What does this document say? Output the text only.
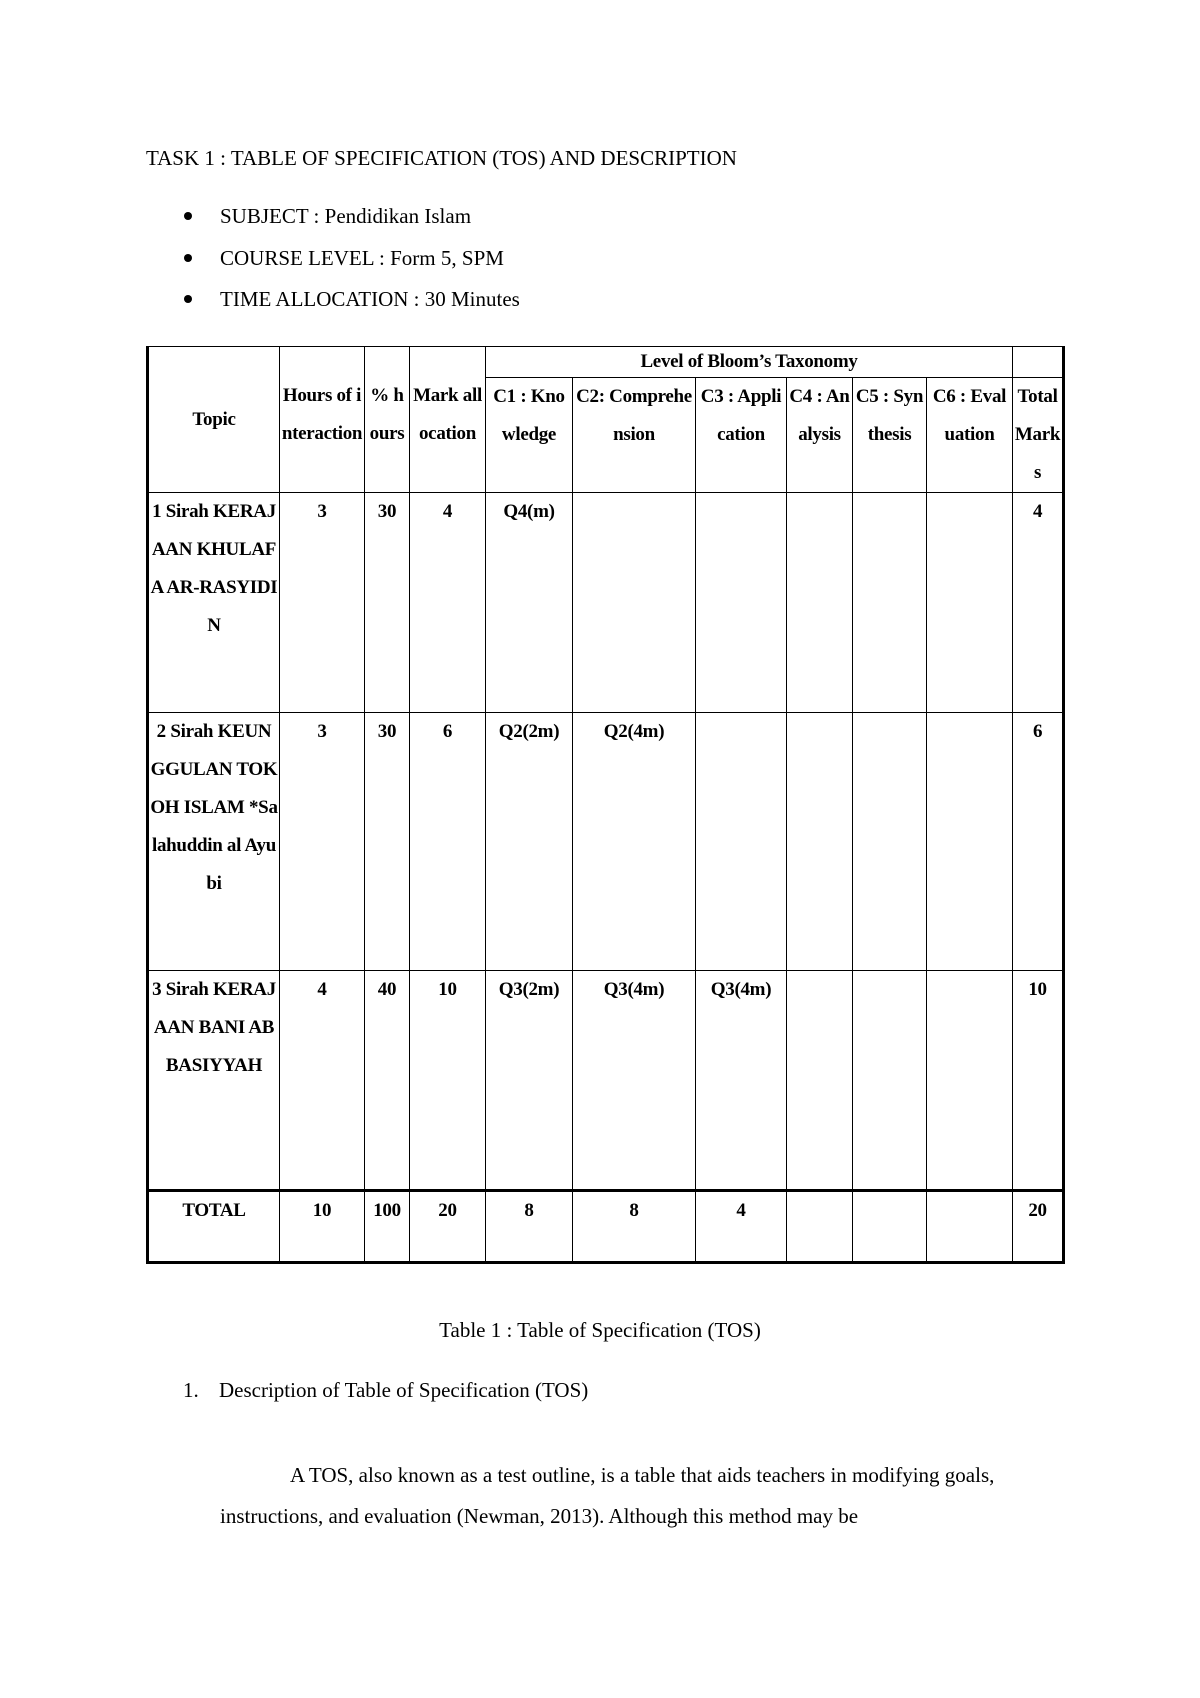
TASK 1 : TABLE OF SPECIFICATION (TOS) AND DESCRIPTION
SUBJECT : Pendidikan Islam
COURSE LEVEL : Form 5, SPM
TIME ALLOCATION : 30 Minutes
Topic	Hours of interaction	% hours	Mark allocation	Level of Bloom’s Taxonomy						

				C1 : Knowledge	C2: Comprehension	C3 : Application	C4 : Analysis	C5 : Synthesis	C6 : Evaluation	Total Marks

1 Sirah KERAJAAN KHULAFA AR-RASYIDIN	3	30	4	Q4(m)						4

2 Sirah KEUNGGULAN TOKOH ISLAM *Salahuddin al Ayubi	3	30	6	Q2(2m)	Q2(4m)					6

3 Sirah KERAJAAN BANI ABBASIYYAH	4	40	10	Q3(2m)	Q3(4m)	Q3(4m)				10

TOTAL	10	100	20	8	8	4				20
Table 1 : Table of Specification (TOS)
1. Description of Table of Specification (TOS)
A TOS, also known as a test outline, is a table that aids teachers in modifying goals, instructions, and evaluation (Newman, 2013). Although this method may be
